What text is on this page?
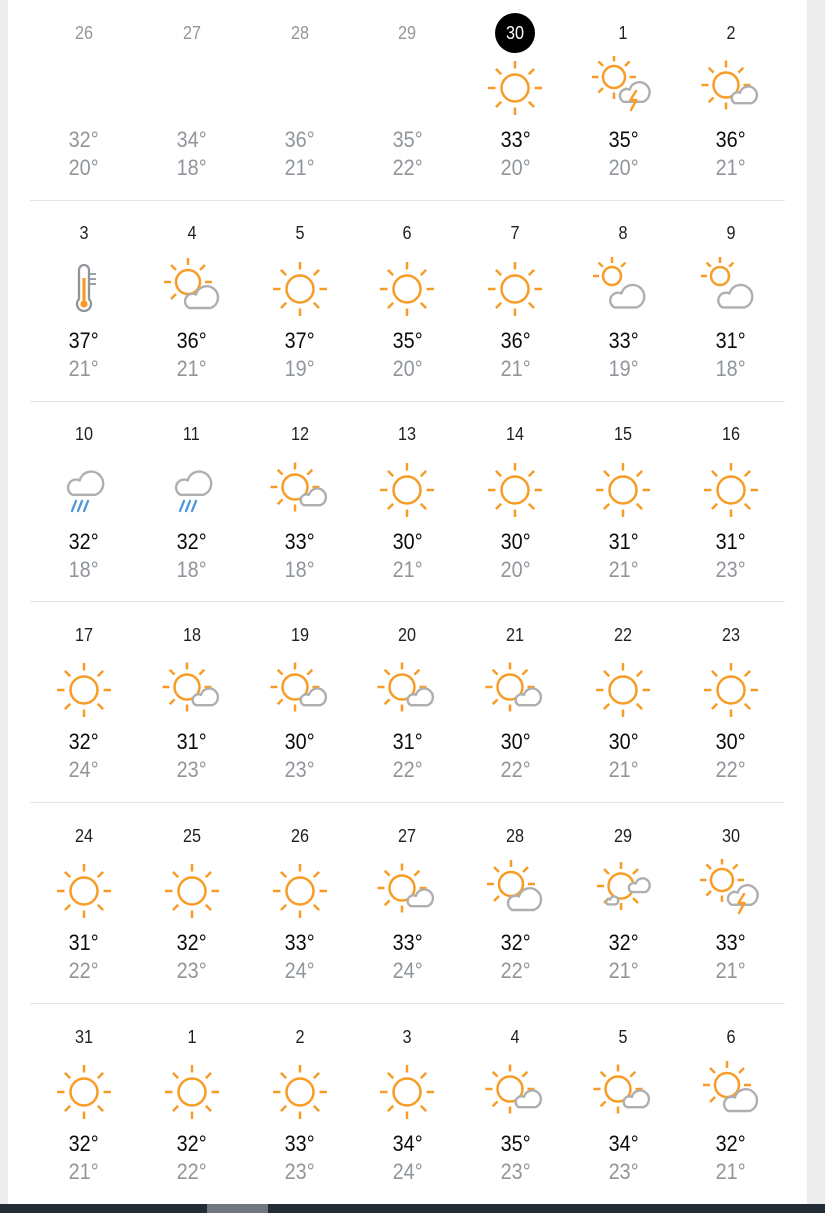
26
32°
20°
27
34°
18°
28
36°
21°
29
35°
22°
30
33°
20°
1
35°
20°
2
36°
21°
3
37°
21°
4
36°
21°
5
37°
19°
6
35°
20°
7
36°
21°
8
33°
19°
9
31°
18°
10
32°
18°
11
32°
18°
12
33°
18°
13
30°
21°
14
30°
20°
15
31°
21°
16
31°
23°
17
32°
24°
18
31°
23°
19
30°
23°
20
31°
22°
21
30°
22°
22
30°
21°
23
30°
22°
24
31°
22°
25
32°
23°
26
33°
24°
27
33°
24°
28
32°
22°
29
32°
21°
30
33°
21°
31
32°
21°
1
32°
22°
2
33°
23°
3
34°
24°
4
35°
23°
5
34°
23°
6
32°
21°
